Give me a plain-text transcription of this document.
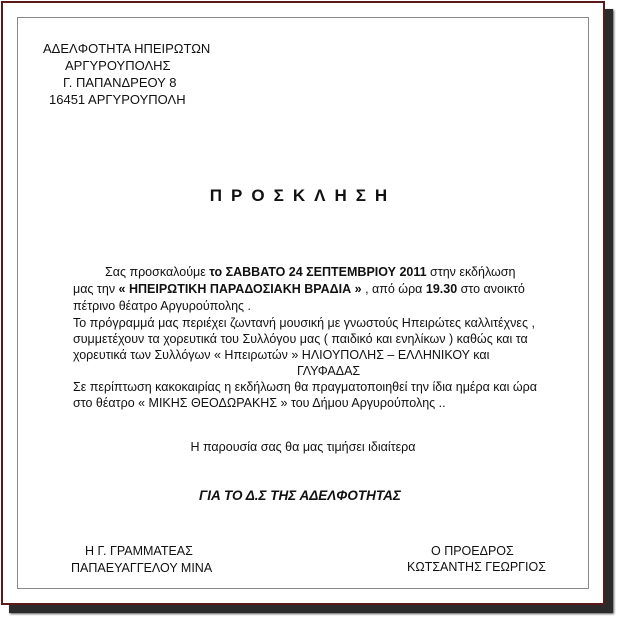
ΑΔΕΛΦΟΤΗΤΑ ΗΠΕΙΡΩΤΩΝ
ΑΡΓΥΡΟΥΠΟΛΗΣ
Γ. ΠΑΠΑΝΔΡΕΟΥ 8
16451 ΑΡΓΥΡΟΥΠΟΛΗ
ΠΡΟΣΚΛΗΣΗ
Σας προσκαλούμε το ΣΑΒΒΑΤΟ 24 ΣΕΠΤΕΜΒΡΙΟΥ 2011 στην εκδήλωση
μας την « ΗΠΕΙΡΩΤΙΚΗ ΠΑΡΑΔΟΣΙΑΚΗ ΒΡΑΔΙΑ » , από ώρα 19.30 στο ανοικτό
πέτρινο θέατρο Αργυρούπολης .
Το πρόγραμμά μας περιέχει ζωντανή μουσική με γνωστούς Ηπειρώτες καλλιτέχνες ,
συμμετέχουν τα χορευτικά του Συλλόγου μας ( παιδικό και ενηλίκων ) καθώς και τα
χορευτικά των Συλλόγων « Ηπειρωτών » ΗΛΙΟΥΠΟΛΗΣ – ΕΛΛΗΝΙΚΟΥ και
ΓΛΥΦΑΔΑΣ
Σε περίπτωση κακοκαιρίας η εκδήλωση θα πραγματοποιηθεί την ίδια ημέρα και ώρα
στο θέατρο « ΜΙΚΗΣ ΘΕΟΔΩΡΑΚΗΣ » του Δήμου Αργυρούπολης ..
Η παρουσία σας θα μας τιμήσει ιδιαίτερα
ΓΙΑ ΤΟ Δ.Σ ΤΗΣ ΑΔΕΛΦΟΤΗΤΑΣ
Η Γ. ΓΡΑΜΜΑΤΕΑΣ
ΠΑΠΑΕΥΑΓΓΕΛΟΥ ΜΙΝΑ
Ο ΠΡΟΕΔΡΟΣ
ΚΩΤΣΑΝΤΗΣ ΓΕΩΡΓΙΟΣ
